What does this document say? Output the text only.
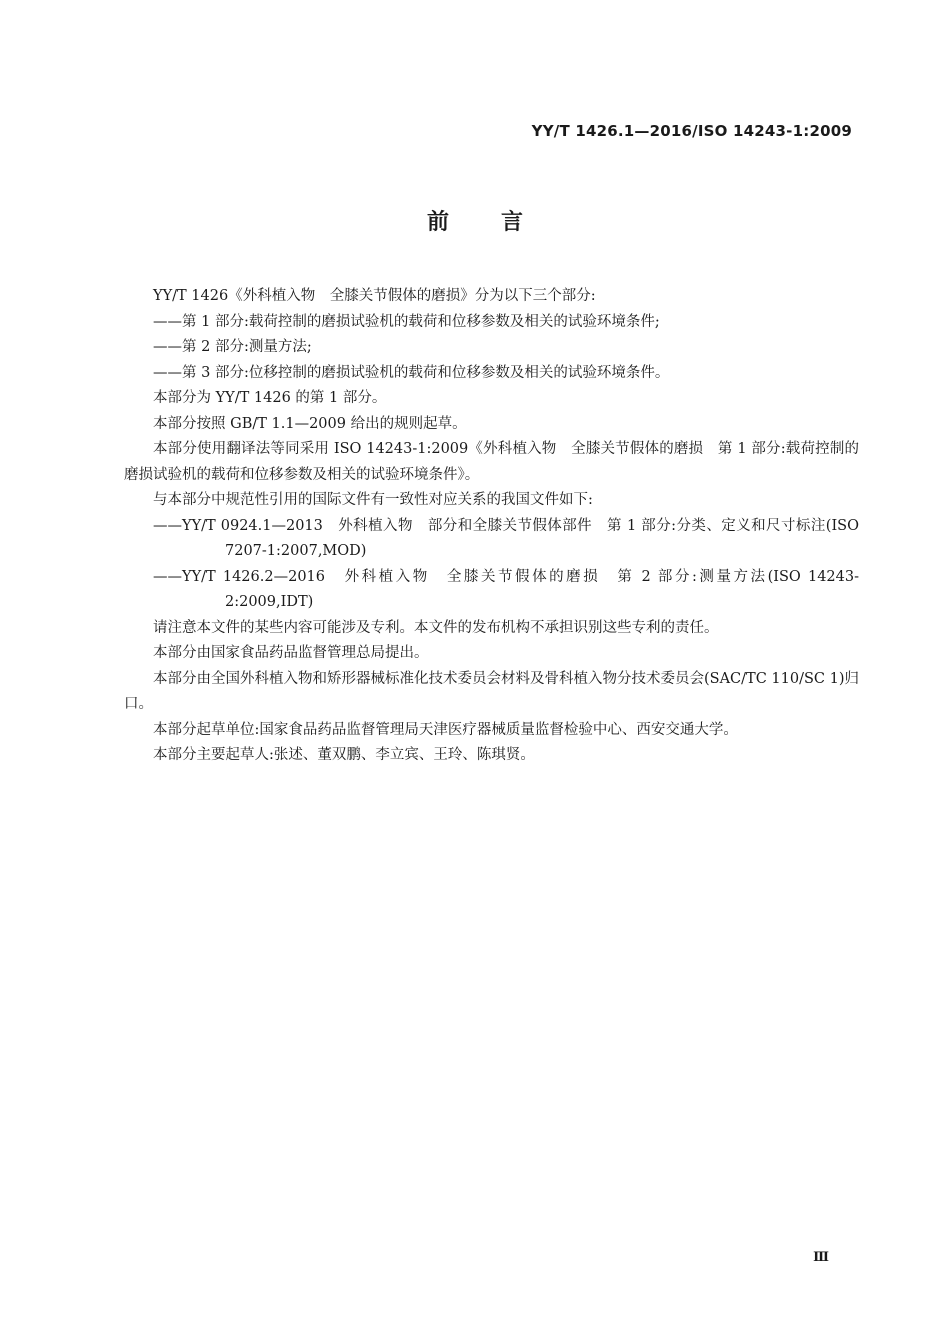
YY/T 1426.1—2016/ISO 14243-1:2009
前言

YY/T 1426《外科植入物　全膝关节假体的磨损》分为以下三个部分:

——第 1 部分:载荷控制的磨损试验机的载荷和位移参数及相关的试验环境条件;

——第 2 部分:测量方法;

——第 3 部分:位移控制的磨损试验机的载荷和位移参数及相关的试验环境条件。

本部分为 YY/T 1426 的第 1 部分。

本部分按照 GB/T 1.1—2009 给出的规则起草。

本部分使用翻译法等同采用 ISO 14243-1:2009《外科植入物　全膝关节假体的磨损　第 1 部分:载荷控制的磨损试验机的载荷和位移参数及相关的试验环境条件》。

与本部分中规范性引用的国际文件有一致性对应关系的我国文件如下:

——YY/T 0924.1—2013　外科植入物　部分和全膝关节假体部件　第 1 部分:分类、定义和尺寸标注(ISO 7207-1:2007,MOD)

——YY/T 1426.2—2016　外科植入物　全膝关节假体的磨损　第 2 部分:测量方法(ISO 14243-2:2009,IDT)

请注意本文件的某些内容可能涉及专利。本文件的发布机构不承担识别这些专利的责任。

本部分由国家食品药品监督管理总局提出。

本部分由全国外科植入物和矫形器械标准化技术委员会材料及骨科植入物分技术委员会(SAC/TC 110/SC 1)归口。

本部分起草单位:国家食品药品监督管理局天津医疗器械质量监督检验中心、西安交通大学。

本部分主要起草人:张述、董双鹏、李立宾、王玲、陈琪贤。

Ⅲ
